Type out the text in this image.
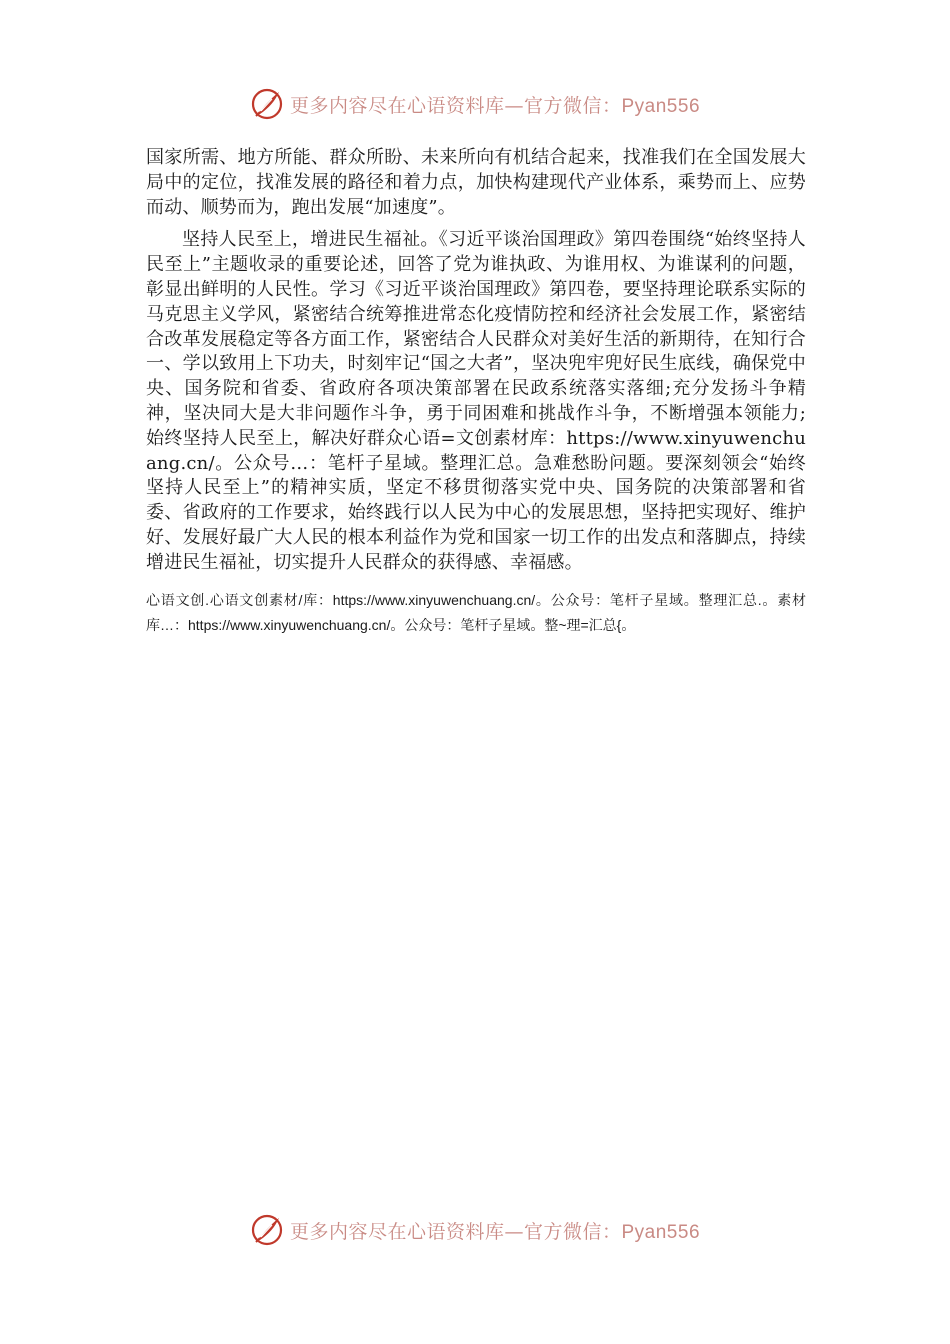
更多内容尽在心语资料库—官方微信：Pyan556

国家所需、地方所能、群众所盼、未来所向有机结合起来，找准我们在全国发展大局中的定位，找准发展的路径和着力点，加快构建现代产业体系，乘势而上、应势而动、顺势而为，跑出发展“加速度”。

坚持人民至上，增进民生福祉。《习近平谈治国理政》第四卷围绕“始终坚持人民至上”主题收录的重要论述，回答了党为谁执政、为谁用权、为谁谋利的问题，彰显出鲜明的人民性。学习《习近平谈治国理政》第四卷，要坚持理论联系实际的马克思主义学风，紧密结合统筹推进常态化疫情防控和经济社会发展工作，紧密结合改革发展稳定等各方面工作，紧密结合人民群众对美好生活的新期待，在知行合一、学以致用上下功夫，时刻牢记“国之大者”，坚决兜牢兜好民生底线，确保党中央、国务院和省委、省政府各项决策部署在民政系统落实落细;充分发扬斗争精神，坚决同大是大非问题作斗争，勇于同困难和挑战作斗争，不断增强本领能力;始终坚持人民至上，解决好群众心语=文创素材库：https://www.xinyuwenchuang.cn/。公众号…：笔杆子星域。整理汇总。急难愁盼问题。要深刻领会“始终坚持人民至上”的精神实质，坚定不移贯彻落实党中央、国务院的决策部署和省委、省政府的工作要求，始终践行以人民为中心的发展思想，坚持把实现好、维护好、发展好最广大人民的根本利益作为党和国家一切工作的出发点和落脚点，持续增进民生福祉，切实提升人民群众的获得感、幸福感。

心语文创.心语文创素材/库：https://www.xinyuwenchuang.cn/。公众号：笔杆子星域。整理汇总.。素材库…：https://www.xinyuwenchuang.cn/。公众号：笔杆子星域。整~理=汇总{。

更多内容尽在心语资料库—官方微信：Pyan556
